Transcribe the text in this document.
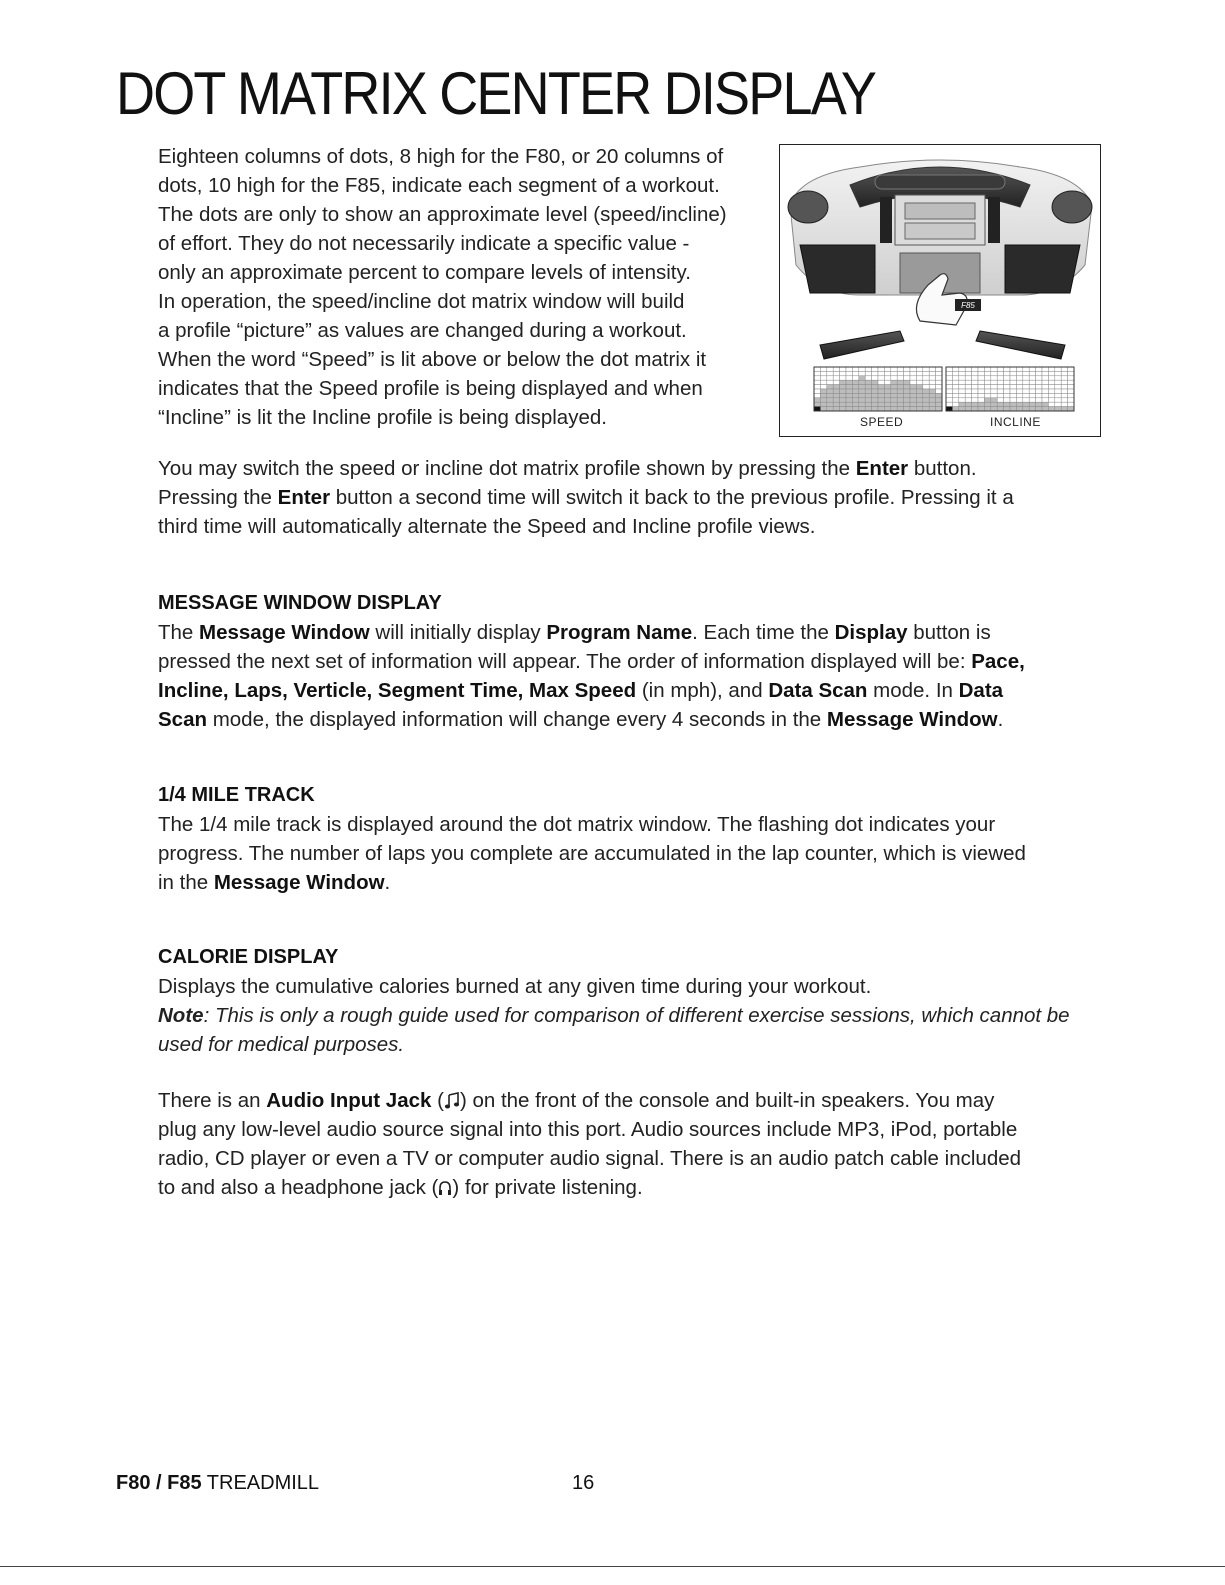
DOT MATRIX CENTER DISPLAY

Eighteen columns of dots, 8 high for the F80, or 20 columns of
dots, 10 high for the F85, indicate each segment of a workout.
The dots are only to show an approximate level (speed/incline)
of effort. They do not necessarily indicate a specific value -
only an approximate percent to compare levels of intensity.
In operation, the speed/incline dot matrix window will build
a profile “picture” as values are changed during a workout.
When the word “Speed” is lit above or below the dot matrix it
indicates that the Speed profile is being displayed and when
“Incline” is lit the Incline profile is being displayed.

F85
SPEED	INCLINE

You may switch the speed or incline dot matrix profile shown by pressing the Enter button.
Pressing the Enter button a second time will switch it back to the previous profile. Pressing it a
third time will automatically alternate the Speed and Incline profile views.

MESSAGE WINDOW DISPLAY

The Message Window will initially display Program Name. Each time the Display button is
pressed the next set of information will appear. The order of information displayed will be: Pace,
Incline, Laps, Verticle, Segment Time, Max Speed (in mph), and Data Scan mode. In Data
Scan mode, the displayed information will change every 4 seconds in the Message Window.

1/4 MILE TRACK

The 1/4 mile track is displayed around the dot matrix window. The flashing dot indicates your
progress. The number of laps you complete are accumulated in the lap counter, which is viewed
in the Message Window.

CALORIE DISPLAY

Displays the cumulative calories burned at any given time during your workout.
Note: This is only a rough guide used for comparison of different exercise sessions, which cannot be
used for medical purposes.

There is an Audio Input Jack ( ) on the front of the console and built-in speakers. You may
plug any low-level audio source signal into this port. Audio sources include MP3, iPod, portable
radio, CD player or even a TV or computer audio signal. There is an audio patch cable included
to and also a headphone jack ( ) for private listening.

F80 / F85 TREADMILL	16
